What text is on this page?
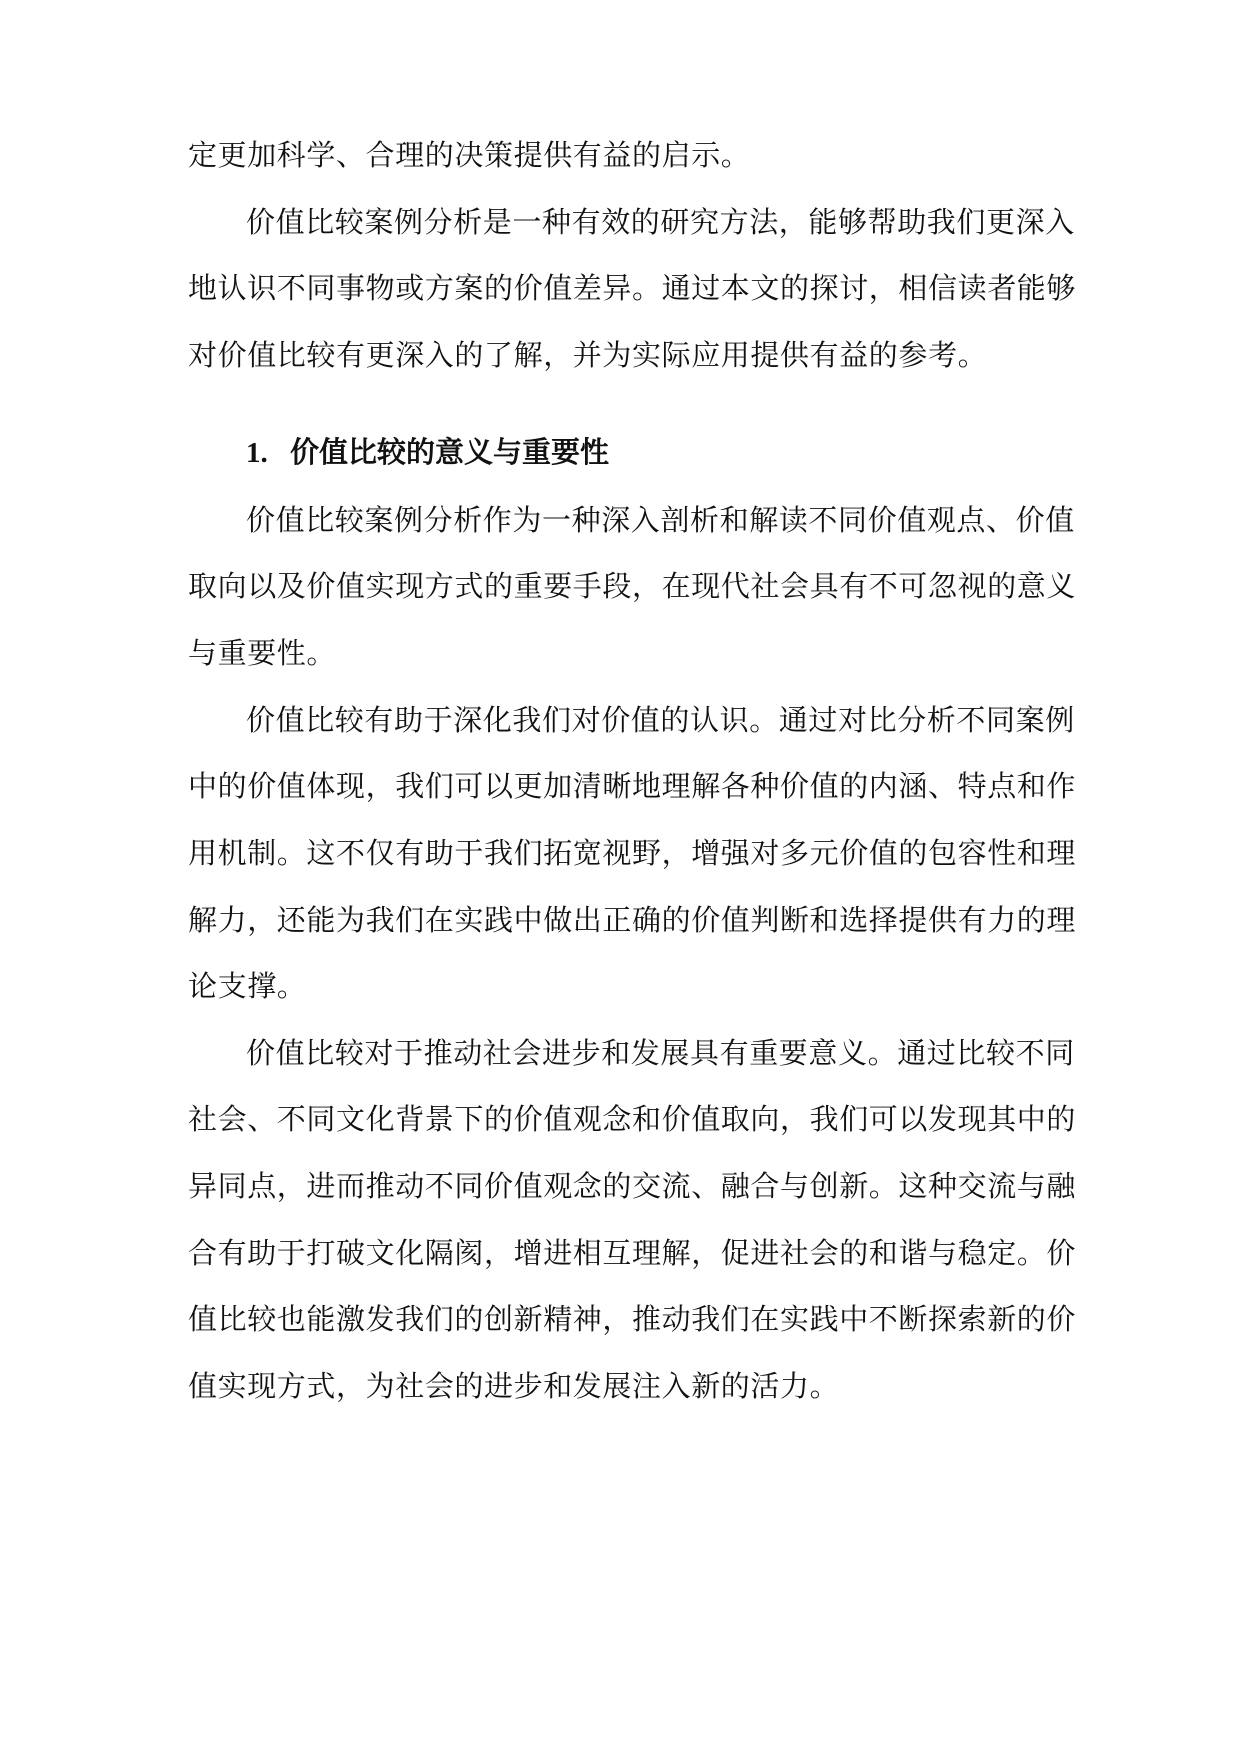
定更加科学、合理的决策提供有益的启示。
价值比较案例分析是一种有效的研究方法，能够帮助我们更深入
地认识不同事物或方案的价值差异。通过本文的探讨，相信读者能够
对价值比较有更深入的了解，并为实际应用提供有益的参考。
1. 价值比较的意义与重要性
价值比较案例分析作为一种深入剖析和解读不同价值观点、价值
取向以及价值实现方式的重要手段，在现代社会具有不可忽视的意义
与重要性。
价值比较有助于深化我们对价值的认识。通过对比分析不同案例
中的价值体现，我们可以更加清晰地理解各种价值的内涵、特点和作
用机制。这不仅有助于我们拓宽视野，增强对多元价值的包容性和理
解力，还能为我们在实践中做出正确的价值判断和选择提供有力的理
论支撑。
价值比较对于推动社会进步和发展具有重要意义。通过比较不同
社会、不同文化背景下的价值观念和价值取向，我们可以发现其中的
异同点，进而推动不同价值观念的交流、融合与创新。这种交流与融
合有助于打破文化隔阂，增进相互理解，促进社会的和谐与稳定。价
值比较也能激发我们的创新精神，推动我们在实践中不断探索新的价
值实现方式，为社会的进步和发展注入新的活力。
